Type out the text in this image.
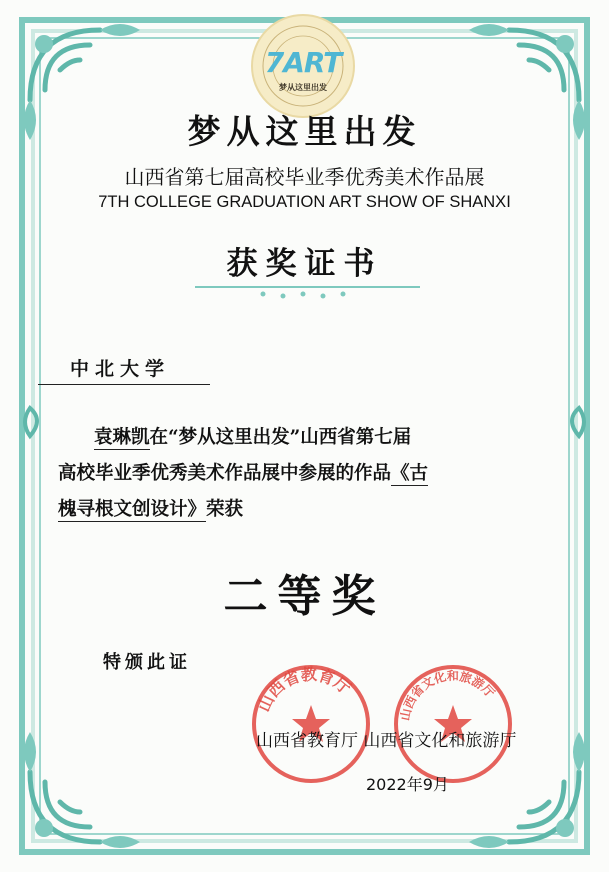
7ART
梦从这里出发
梦从这里出发
山西省第七届高校毕业季优秀美术作品展
7TH COLLEGE GRADUATION ART SHOW OF SHANXI
获奖证书
中北大学
袁琳凯在“梦从这里出发”山西省第七届
高校毕业季优秀美术作品展中参展的作品《古
槐寻根文创设计》荣获
二等奖
特颁此证
山西省教育厅
山西省文化和旅游厅
山西省教育厅 山西省文化和旅游厅
2022年9月
